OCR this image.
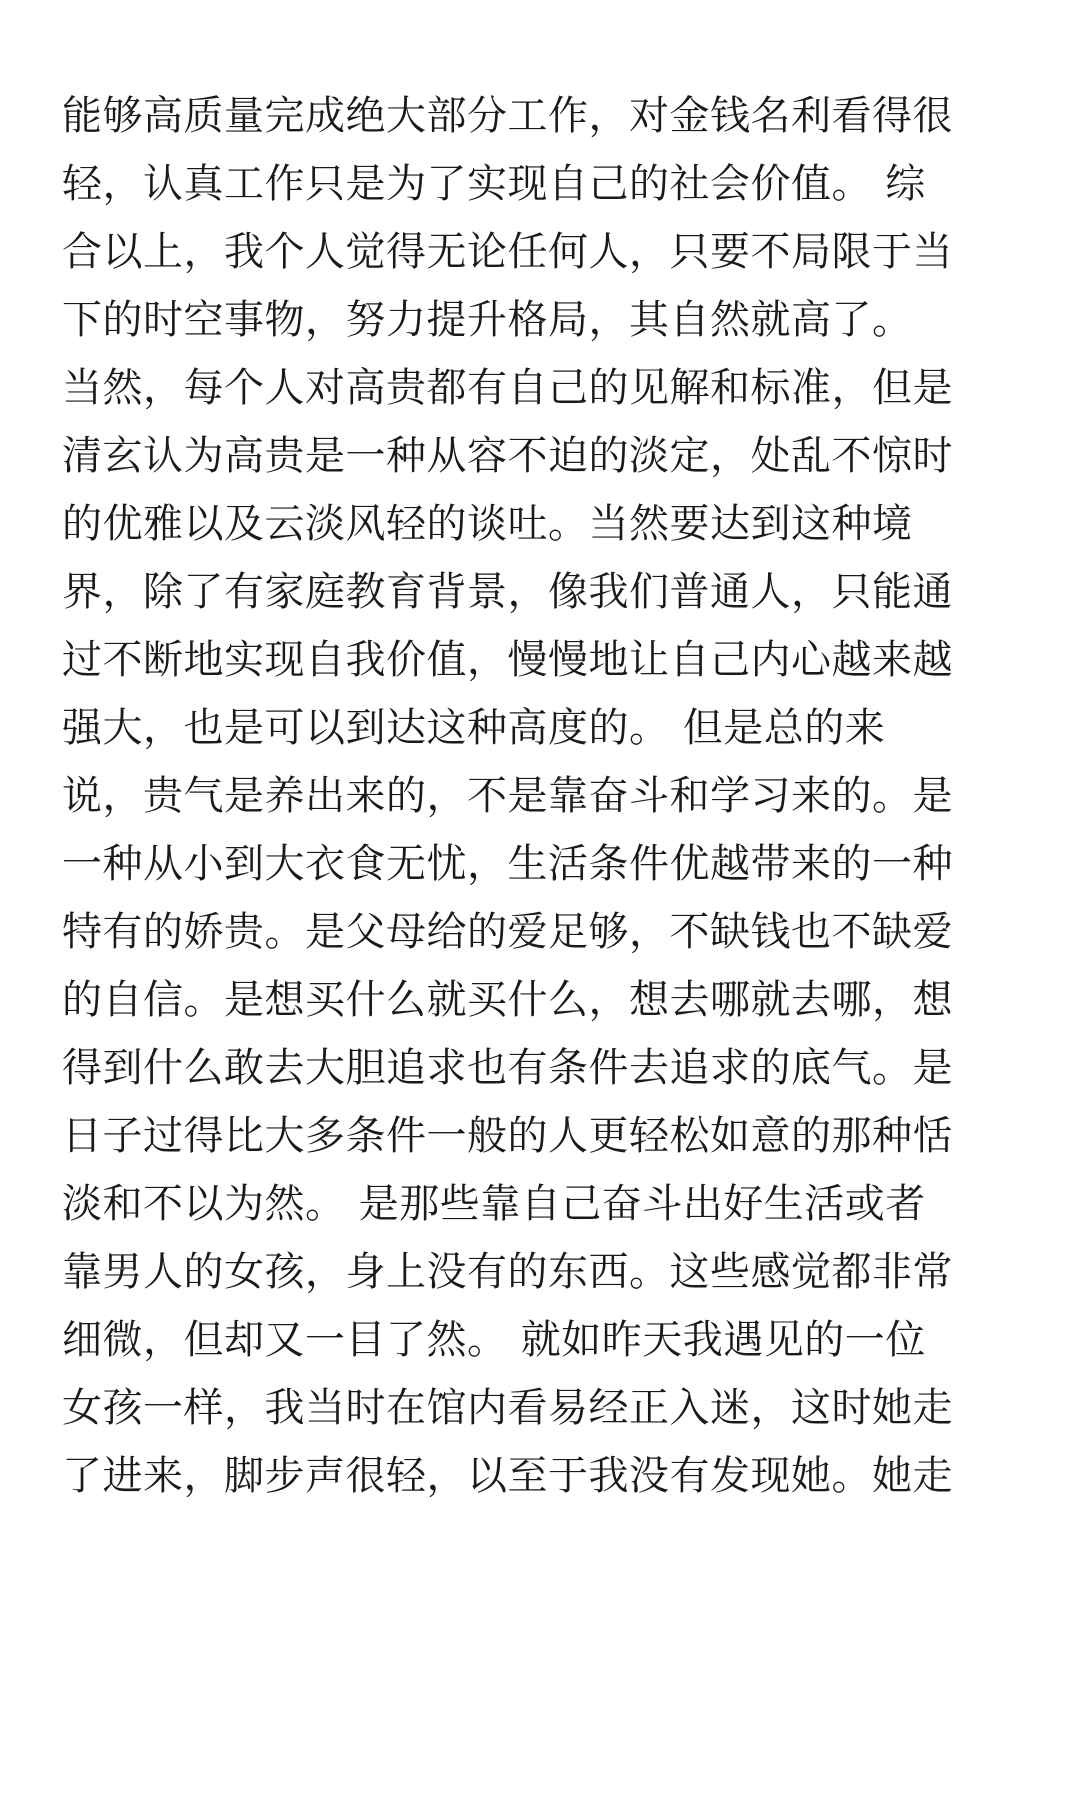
能够高质量完成绝大部分工作，对金钱名利看得很
轻，认真工作只是为了实现自己的社会价值。 综
合以上，我个人觉得无论任何人，只要不局限于当
下的时空事物，努力提升格局，其自然就高了。
当然，每个人对高贵都有自己的见解和标准，但是
清玄认为高贵是一种从容不迫的淡定，处乱不惊时
的优雅以及云淡风轻的谈吐。当然要达到这种境
界，除了有家庭教育背景，像我们普通人，只能通
过不断地实现自我价值，慢慢地让自己内心越来越
强大，也是可以到达这种高度的。 但是总的来
说，贵气是养出来的，不是靠奋斗和学习来的。是
一种从小到大衣食无忧，生活条件优越带来的一种
特有的娇贵。是父母给的爱足够，不缺钱也不缺爱
的自信。是想买什么就买什么，想去哪就去哪，想
得到什么敢去大胆追求也有条件去追求的底气。是
日子过得比大多条件一般的人更轻松如意的那种恬
淡和不以为然。 是那些靠自己奋斗出好生活或者
靠男人的女孩，身上没有的东西。这些感觉都非常
细微，但却又一目了然。 就如昨天我遇见的一位
女孩一样，我当时在馆内看易经正入迷，这时她走
了进来，脚步声很轻，以至于我没有发现她。她走
